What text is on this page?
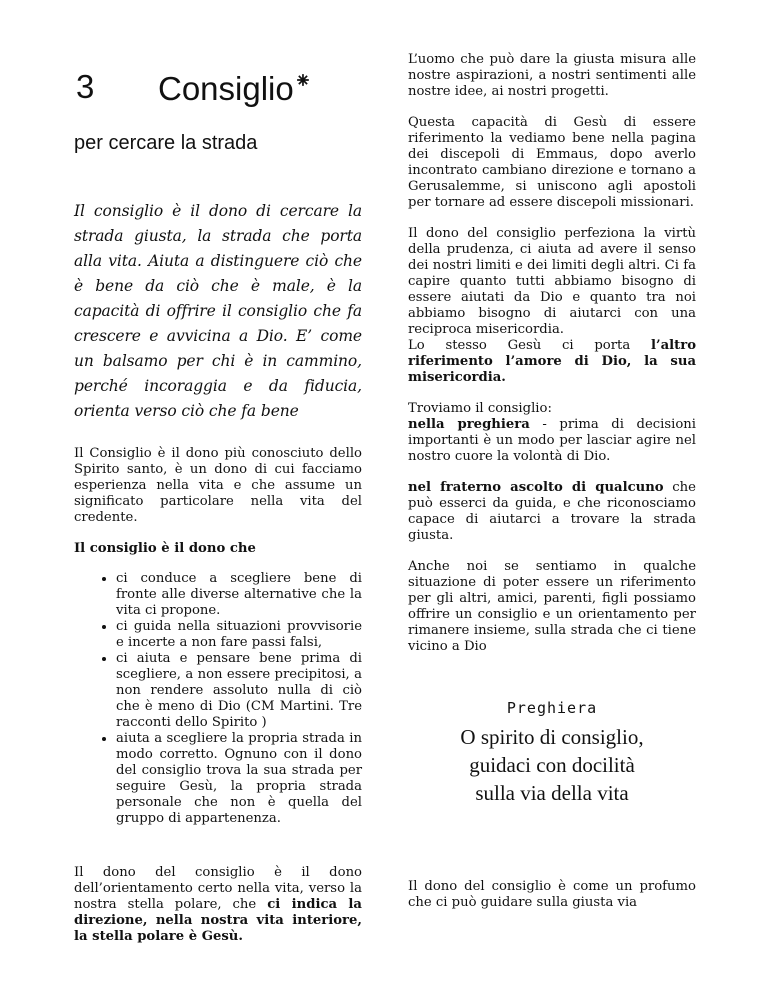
3 Consiglio⁕
per cercare la strada
Il consiglio è il dono di cercare la strada giusta, la strada che porta alla vita. Aiuta a distinguere ciò che è bene da ciò che è male, è la capacità di offrire il consiglio che fa crescere e avvicina a Dio. E’ come un balsamo per chi è in cammino, perché incoraggia e da fiducia, orienta verso ciò che fa bene

Il Consiglio è il dono più conosciuto dello Spirito santo, è un dono di cui facciamo esperienza nella vita e che assume un significato particolare nella vita del credente.

Il consiglio è il dono che

• ci conduce a scegliere bene di fronte alle diverse alternative che la vita ci propone.
• ci guida nella situazioni provvisorie e incerte a non fare passi falsi,
• ci aiuta e pensare bene prima di scegliere, a non essere precipitosi, a non rendere assoluto nulla di ciò che è meno di Dio (CM Martini. Tre racconti dello Spirito )
• aiuta a scegliere la propria strada in modo corretto. Ognuno con il dono del consiglio trova la sua strada per seguire Gesù, la propria strada personale che non è quella del gruppo di appartenenza.

Il dono del consiglio è il dono dell’orientamento certo nella vita, verso la nostra stella polare, che ci indica la direzione, nella nostra vita interiore, la stella polare è Gesù.

L’uomo che può dare la giusta misura alle nostre aspirazioni, a nostri sentimenti alle nostre idee, ai nostri progetti.

Questa capacità di Gesù di essere riferimento la vediamo bene nella pagina dei discepoli di Emmaus, dopo averlo incontrato cambiano direzione e tornano a Gerusalemme, si uniscono agli apostoli per tornare ad essere discepoli missionari.

Il dono del consiglio perfeziona la virtù della prudenza, ci aiuta ad avere il senso dei nostri limiti e dei limiti degli altri. Ci fa capire quanto tutti abbiamo bisogno di essere aiutati da Dio e quanto tra noi abbiamo bisogno di aiutarci con una reciproca misericordia.
Lo stesso Gesù ci porta l’altro riferimento l’amore di Dio, la sua misericordia.

Troviamo il consiglio:
nella preghiera - prima di decisioni importanti è un modo per lasciar agire nel nostro cuore la volontà di Dio.

nel fraterno ascolto di qualcuno che può esserci da guida, e che riconosciamo capace di aiutarci a trovare la strada giusta.

Anche noi se sentiamo in qualche situazione di poter essere un riferimento per gli altri, amici, parenti, figli possiamo offrire un consiglio e un orientamento per rimanere insieme, sulla strada che ci tiene vicino a Dio

Preghiera
O spirito di consiglio,
guidaci con docilità
sulla via della vita

Il dono del consiglio è come un profumo che ci può guidare sulla giusta via
